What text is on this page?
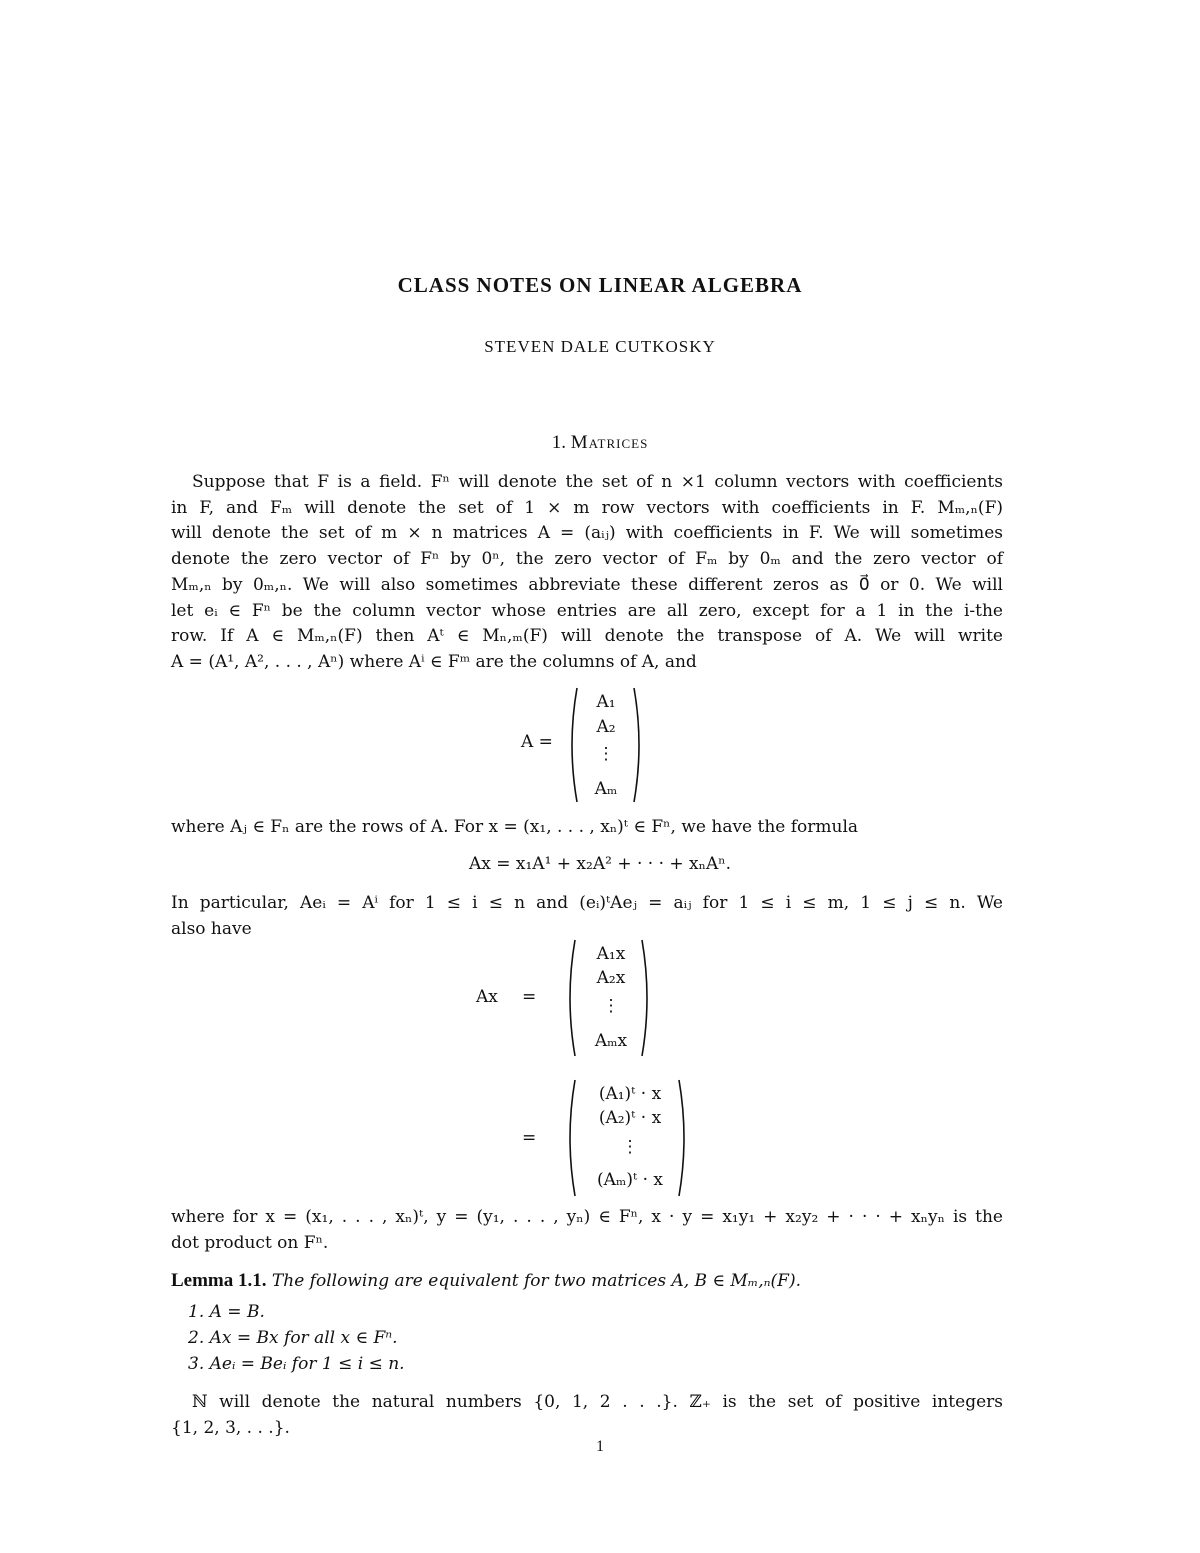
CLASS NOTES ON LINEAR ALGEBRA
STEVEN DALE CUTKOSKY
1. Matrices
Suppose that F is a field. Fⁿ will denote the set of n ×1 column vectors with coefficients
in F, and Fₘ will denote the set of 1 × m row vectors with coefficients in F. Mₘ,ₙ(F)
will denote the set of m × n matrices A = (aᵢⱼ) with coefficients in F. We will sometimes
denote the zero vector of Fⁿ by 0ⁿ, the zero vector of Fₘ by 0ₘ and the zero vector of
Mₘ,ₙ by 0ₘ,ₙ. We will also sometimes abbreviate these different zeros as 0⃗ or 0. We will
let eᵢ ∈ Fⁿ be the column vector whose entries are all zero, except for a 1 in the i-the
row. If A ∈ Mₘ,ₙ(F) then Aᵗ ∈ Mₙ,ₘ(F) will denote the transpose of A. We will write
A = (A¹, A², . . . , Aⁿ) where Aⁱ ∈ Fᵐ are the columns of A, and
A =
A₁
A₂
⋮
Aₘ
where Aⱼ ∈ Fₙ are the rows of A. For x = (x₁, . . . , xₙ)ᵗ ∈ Fⁿ, we have the formula
Ax = x₁A¹ + x₂A² + · · · + xₙAⁿ.
In particular, Aeᵢ = Aⁱ for 1 ≤ i ≤ n and (eᵢ)ᵗAeⱼ = aᵢⱼ for 1 ≤ i ≤ m, 1 ≤ j ≤ n. We
also have
Ax =
A₁x
A₂x
⋮
Aₘx
=
(A₁)ᵗ · x
(A₂)ᵗ · x
⋮
(Aₘ)ᵗ · x
where for x = (x₁, . . . , xₙ)ᵗ, y = (y₁, . . . , yₙ) ∈ Fⁿ, x · y = x₁y₁ + x₂y₂ + · · · + xₙyₙ is the
dot product on Fⁿ.
Lemma 1.1. The following are equivalent for two matrices A, B ∈ Mₘ,ₙ(F).
1. A = B.
2. Ax = Bx for all x ∈ Fⁿ.
3. Aeᵢ = Beᵢ for 1 ≤ i ≤ n.
ℕ will denote the natural numbers {0, 1, 2 . . .}. ℤ₊ is the set of positive integers
{1, 2, 3, . . .}.
1
